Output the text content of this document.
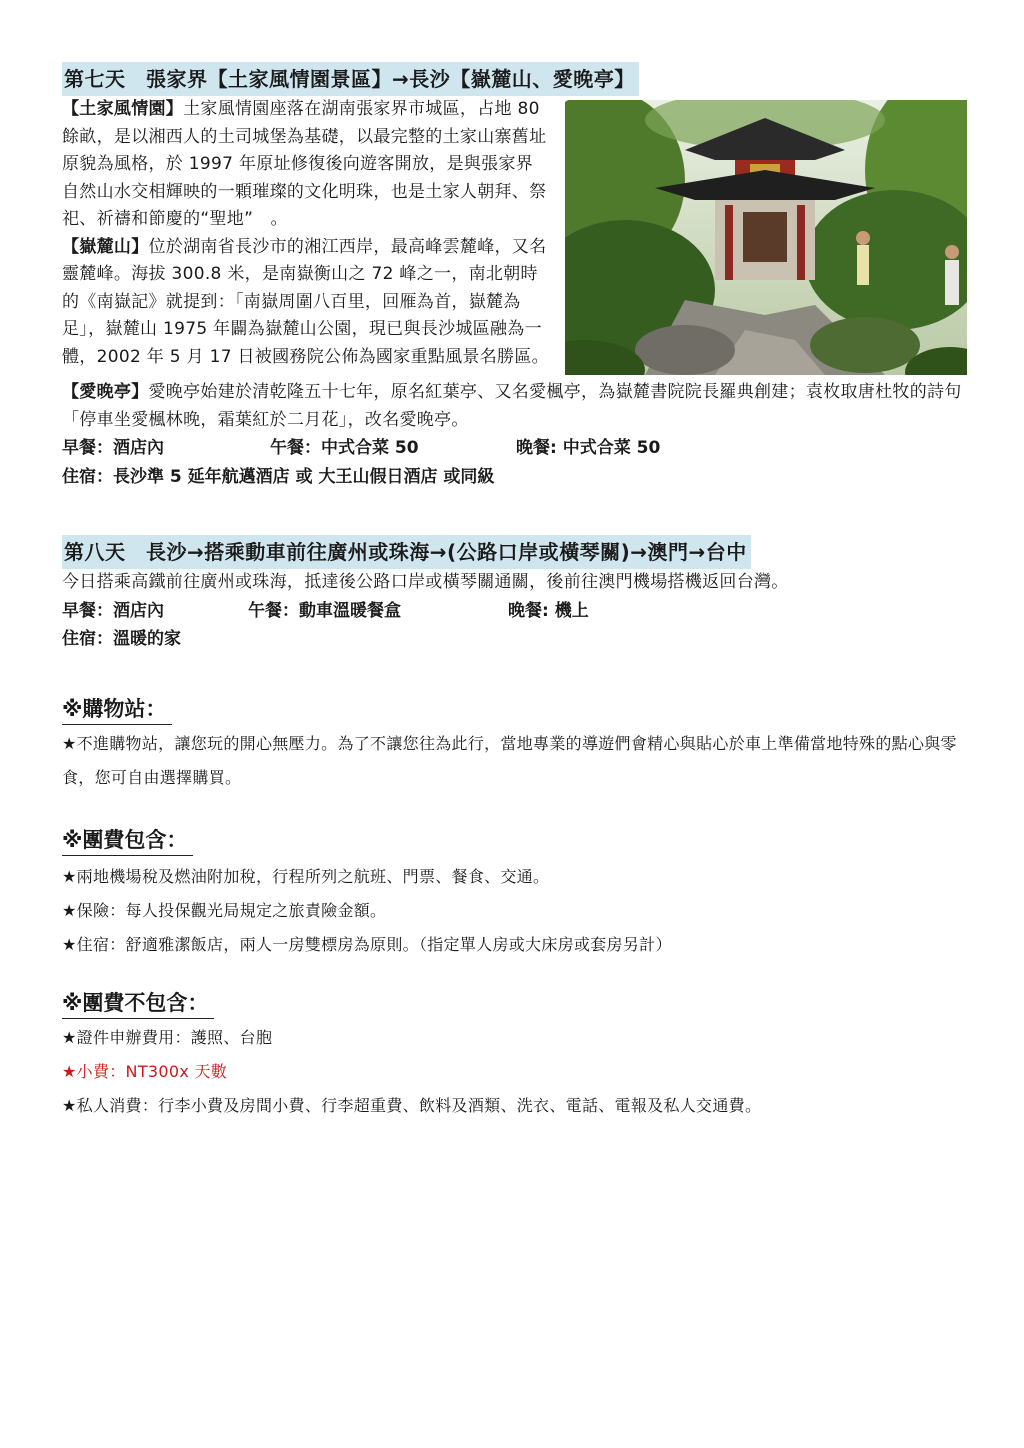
第七天　張家界【土家風情園景區】→長沙【嶽麓山、愛晚亭】

【土家風情園】土家風情園座落在湖南張家界市城區，占地 80 餘畝，是以湘西人的土司城堡為基礎，以最完整的土家山寨舊址原貌為風格，於 1997 年原址修復後向遊客開放，是與張家界自然山水交相輝映的一顆璀璨的文化明珠，也是土家人朝拜、祭祀、祈禱和節慶的“聖地”　。

【嶽麓山】位於湖南省長沙市的湘江西岸，最高峰雲麓峰，又名靈麓峰。海拔 300.8 米，是南嶽衡山之 72 峰之一，南北朝時的《南嶽記》就提到：「南嶽周圍八百里，回雁為首，嶽麓為足」，嶽麓山 1975 年闢為嶽麓山公園，現已與長沙城區融為一體，2002 年 5 月 17 日被國務院公佈為國家重點風景名勝區。

【愛晚亭】愛晚亭始建於清乾隆五十七年，原名紅葉亭、又名愛楓亭，為嶽麓書院院長羅典創建；袁枚取唐杜牧的詩句「停車坐愛楓林晚，霜葉紅於二月花」，改名愛晚亭。

早餐：酒店內	午餐：中式合菜 50	晚餐: 中式合菜 50

住宿：長沙準 5 延年航邁酒店 或 大王山假日酒店 或同級

第八天　長沙→搭乘動車前往廣州或珠海→(公路口岸或橫琴關)→澳門→台中

今日搭乘高鐵前往廣州或珠海，抵達後公路口岸或橫琴關通關，後前往澳門機場搭機返回台灣。

早餐：酒店內	午餐：動車溫暖餐盒	晚餐: 機上

住宿：溫暖的家

※購物站：

★不進購物站，讓您玩的開心無壓力。為了不讓您往為此行，當地專業的導遊們會精心與貼心於車上準備當地特殊的點心與零食，您可自由選擇購買。

※團費包含：

★兩地機場稅及燃油附加稅，行程所列之航班、門票、餐食、交通。

★保險：每人投保觀光局規定之旅責險金額。

★住宿：舒適雅潔飯店，兩人一房雙標房為原則。（指定單人房或大床房或套房另計）

※團費不包含：

★證件申辦費用：護照、台胞

★小費：NT300x 天數

★私人消費：行李小費及房間小費、行李超重費、飲料及酒類、洗衣、電話、電報及私人交通費。
